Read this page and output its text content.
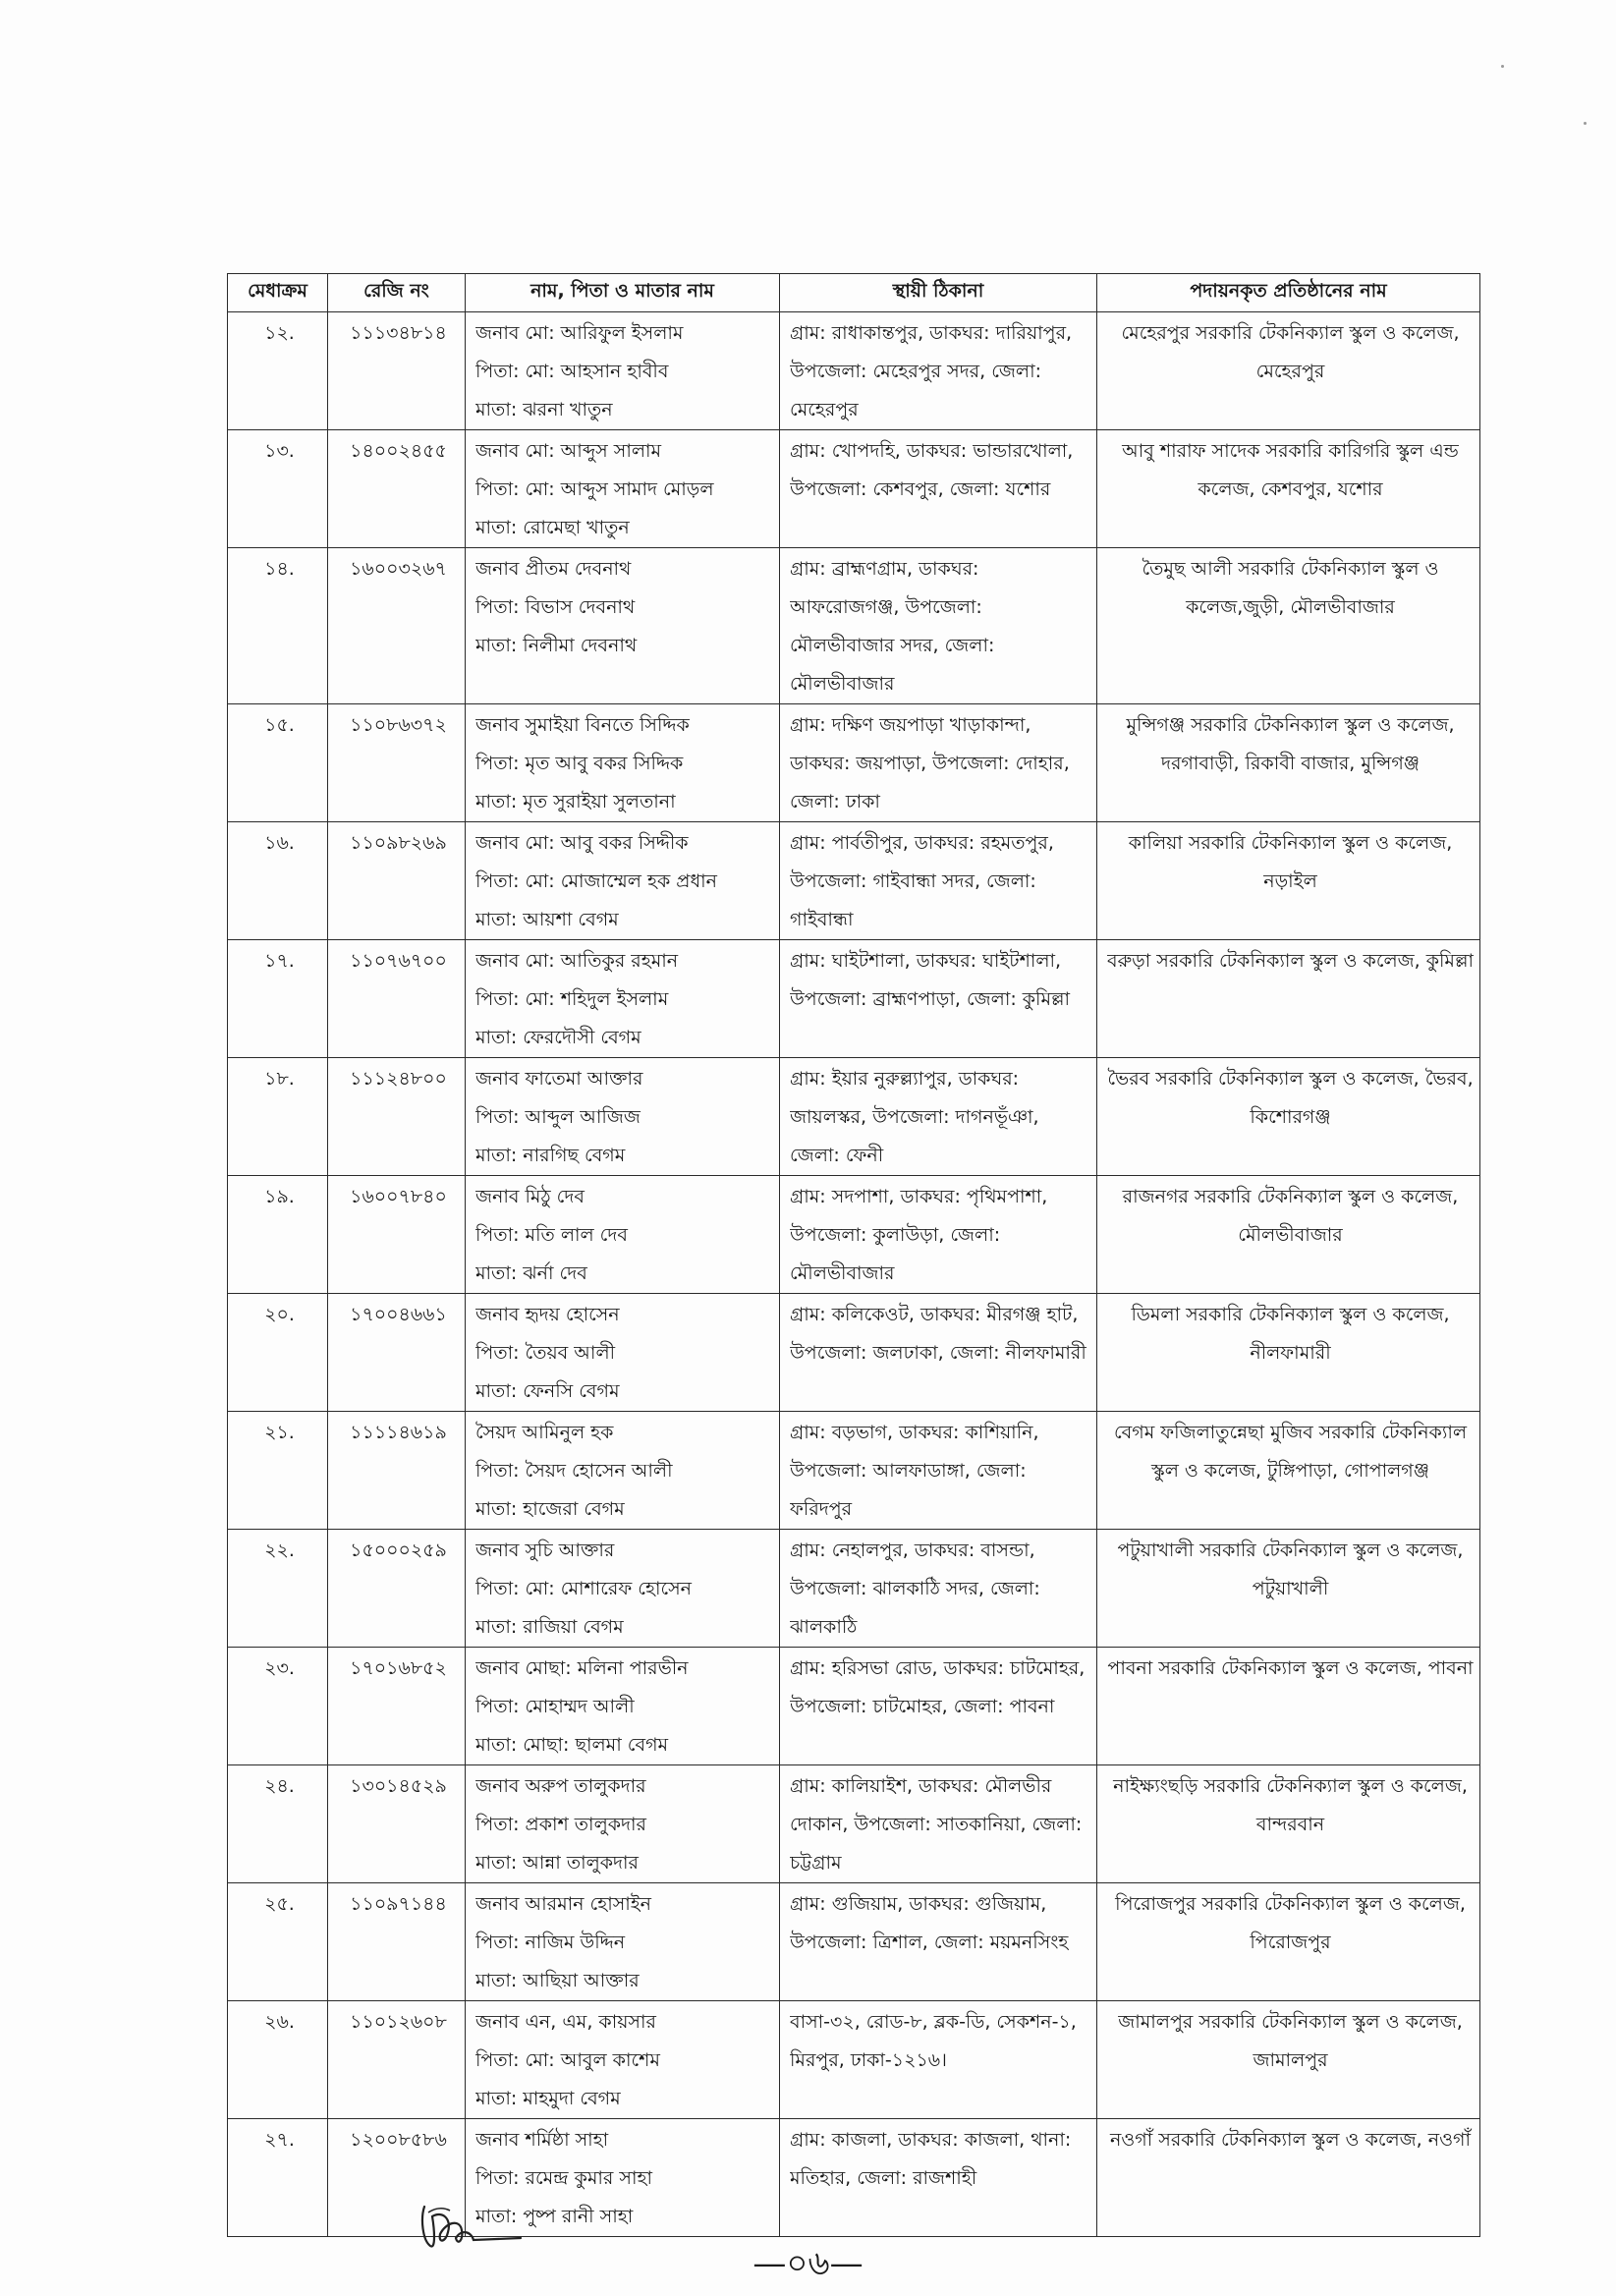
মেধাক্রম	রেজি নং	নাম, পিতা ও মাতার নাম	স্থায়ী ঠিকানা	পদায়নকৃত প্রতিষ্ঠানের নাম
১২.	১১১৩৪৮১৪	জনাব মো: আরিফুল ইসলাম
পিতা: মো: আহসান হাবীব
মাতা: ঝরনা খাতুন	গ্রাম: রাধাকান্তপুর, ডাকঘর: দারিয়াপুর, উপজেলা: মেহেরপুর সদর, জেলা: মেহেরপুর	মেহেরপুর সরকারি টেকনিক্যাল স্কুল ও কলেজ, মেহেরপুর

১৩.	১৪০০২৪৫৫	জনাব মো: আব্দুস সালাম
পিতা: মো: আব্দুস সামাদ মোড়ল
মাতা: রোমেছা খাতুন	গ্রাম: খোপদহি, ডাকঘর: ভান্ডারখোলা, উপজেলা: কেশবপুর, জেলা: যশোর	আবু শারাফ সাদেক সরকারি কারিগরি স্কুল এন্ড কলেজ, কেশবপুর, যশোর

১৪.	১৬০০৩২৬৭	জনাব প্রীতম দেবনাথ
পিতা: বিভাস দেবনাথ
মাতা: নিলীমা দেবনাথ	গ্রাম: ব্রাহ্মণগ্রাম, ডাকঘর: আফরোজগঞ্জ, উপজেলা: মৌলভীবাজার সদর, জেলা: মৌলভীবাজার	তৈমুছ আলী সরকারি টেকনিক্যাল স্কুল ও কলেজ,জুড়ী, মৌলভীবাজার

১৫.	১১০৮৬৩৭২	জনাব সুমাইয়া বিনতে সিদ্দিক
পিতা: মৃত আবু বকর সিদ্দিক
মাতা: মৃত সুরাইয়া সুলতানা	গ্রাম: দক্ষিণ জয়পাড়া খাড়াকান্দা, ডাকঘর: জয়পাড়া, উপজেলা: দোহার, জেলা: ঢাকা	মুন্সিগঞ্জ সরকারি টেকনিক্যাল স্কুল ও কলেজ, দরগাবাড়ী, রিকাবী বাজার, মুন্সিগঞ্জ

১৬.	১১০৯৮২৬৯	জনাব মো: আবু বকর সিদ্দীক
পিতা: মো: মোজাম্মেল হক প্রধান
মাতা: আয়শা বেগম	গ্রাম: পার্বতীপুর, ডাকঘর: রহমতপুর, উপজেলা: গাইবান্ধা সদর, জেলা: গাইবান্ধা	কালিয়া সরকারি টেকনিক্যাল স্কুল ও কলেজ, নড়াইল

১৭.	১১০৭৬৭০০	জনাব মো: আতিকুর রহমান
পিতা: মো: শহিদুল ইসলাম
মাতা: ফেরদৌসী বেগম	গ্রাম: ঘাইটশালা, ডাকঘর: ঘাইটশালা, উপজেলা: ব্রাহ্মণপাড়া, জেলা: কুমিল্লা	বরুড়া সরকারি টেকনিক্যাল স্কুল ও কলেজ, কুমিল্লা

১৮.	১১১২৪৮০০	জনাব ফাতেমা আক্তার
পিতা: আব্দুল আজিজ
মাতা: নারগিছ বেগম	গ্রাম: ইয়ার নুরুল্ল্যাপুর, ডাকঘর: জায়লস্কর, উপজেলা: দাগনভূঁঞা, জেলা: ফেনী	ভৈরব সরকারি টেকনিক্যাল স্কুল ও কলেজ, ভৈরব, কিশোরগঞ্জ

১৯.	১৬০০৭৮৪০	জনাব মিঠু দেব
পিতা: মতি লাল দেব
মাতা: ঝর্না দেব	গ্রাম: সদপাশা, ডাকঘর: পৃথিমপাশা, উপজেলা: কুলাউড়া, জেলা: মৌলভীবাজার	রাজনগর সরকারি টেকনিক্যাল স্কুল ও কলেজ, মৌলভীবাজার

২০.	১৭০০৪৬৬১	জনাব হৃদয় হোসেন
পিতা: তৈয়ব আলী
মাতা: ফেনসি বেগম	গ্রাম: কলিকেওট, ডাকঘর: মীরগঞ্জ হাট, উপজেলা: জলঢাকা, জেলা: নীলফামারী	ডিমলা সরকারি টেকনিক্যাল স্কুল ও কলেজ, নীলফামারী

২১.	১১১১৪৬১৯	সৈয়দ আমিনুল হক
পিতা: সৈয়দ হোসেন আলী
মাতা: হাজেরা বেগম	গ্রাম: বড়ভাগ, ডাকঘর: কাশিয়ানি, উপজেলা: আলফাডাঙ্গা, জেলা: ফরিদপুর	বেগম ফজিলাতুন্নেছা মুজিব সরকারি টেকনিক্যাল স্কুল ও কলেজ, টুঙ্গিপাড়া, গোপালগঞ্জ

২২.	১৫০০০২৫৯	জনাব সুচি আক্তার
পিতা: মো: মোশারেফ হোসেন
মাতা: রাজিয়া বেগম	গ্রাম: নেহালপুর, ডাকঘর: বাসন্ডা, উপজেলা: ঝালকাঠি সদর, জেলা: ঝালকাঠি	পটুয়াখালী সরকারি টেকনিক্যাল স্কুল ও কলেজ, পটুয়াখালী

২৩.	১৭০১৬৮৫২	জনাব মোছা: মলিনা পারভীন
পিতা: মোহাম্মদ আলী
মাতা: মোছা: ছালমা বেগম	গ্রাম: হরিসভা রোড, ডাকঘর: চাটমোহর, উপজেলা: চাটমোহর, জেলা: পাবনা	পাবনা সরকারি টেকনিক্যাল স্কুল ও কলেজ, পাবনা

২৪.	১৩০১৪৫২৯	জনাব অরুপ তালুকদার
পিতা: প্রকাশ তালুকদার
মাতা: আন্না তালুকদার	গ্রাম: কালিয়াইশ, ডাকঘর: মৌলভীর দোকান, উপজেলা: সাতকানিয়া, জেলা: চট্টগ্রাম	নাইক্ষ্যংছড়ি সরকারি টেকনিক্যাল স্কুল ও কলেজ, বান্দরবান

২৫.	১১০৯৭১৪৪	জনাব আরমান হোসাইন
পিতা: নাজিম উদ্দিন
মাতা: আছিয়া আক্তার	গ্রাম: গুজিয়াম, ডাকঘর: গুজিয়াম, উপজেলা: ত্রিশাল, জেলা: ময়মনসিংহ	পিরোজপুর সরকারি টেকনিক্যাল স্কুল ও কলেজ, পিরোজপুর

২৬.	১১০১২৬০৮	জনাব এন, এম, কায়সার
পিতা: মো: আবুল কাশেম
মাতা: মাহমুদা বেগম	বাসা-৩২, রোড-৮, ব্লক-ডি, সেকশন-১, মিরপুর, ঢাকা-১২১৬।	জামালপুর সরকারি টেকনিক্যাল স্কুল ও কলেজ, জামালপুর

২৭.	১২০০৮৫৮৬	জনাব শর্মিষ্ঠা সাহা
পিতা: রমেন্দ্র কুমার সাহা
মাতা: পুষ্প রানী সাহা	গ্রাম: কাজলা, ডাকঘর: কাজলা, থানা: মতিহার, জেলা: রাজশাহী	নওগাঁ সরকারি টেকনিক্যাল স্কুল ও কলেজ, নওগাঁ
—০৬—
